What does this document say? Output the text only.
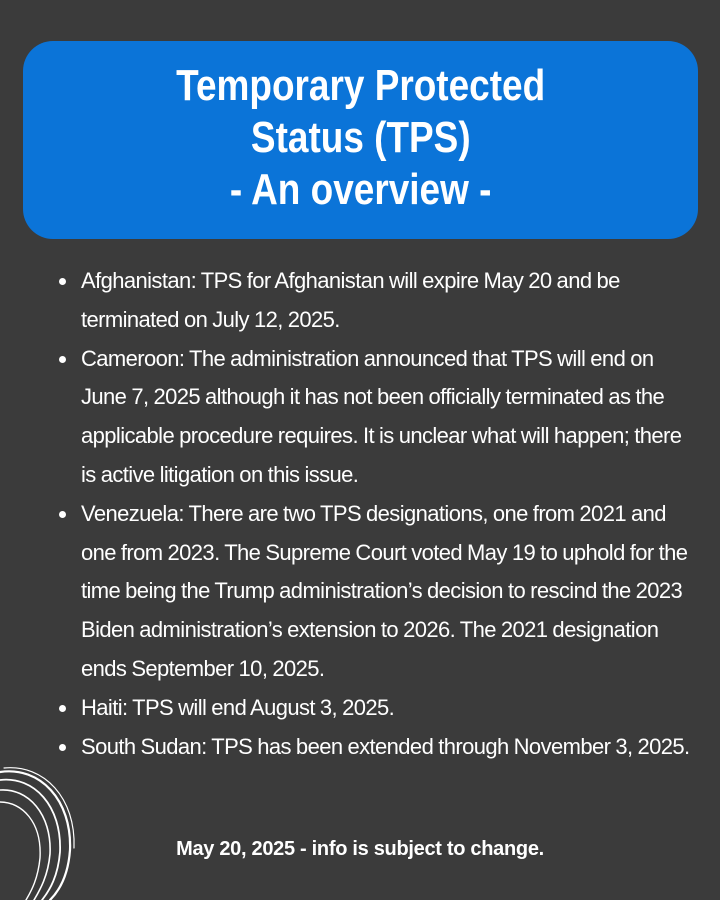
Temporary Protected
Status (TPS)
- An overview -
Afghanistan: TPS for Afghanistan will expire May 20 and be terminated on July 12, 2025.
Cameroon: The administration announced that TPS will end on June 7, 2025 although it has not been officially terminated as the applicable procedure requires. It is unclear what will happen; there is active litigation on this issue.
Venezuela: There are two TPS designations, one from 2021 and one from 2023. The Supreme Court voted May 19 to uphold for the time being the Trump administration’s decision to rescind the 2023 Biden administration’s extension to 2026. The 2021 designation ends September 10, 2025.
Haiti: TPS will end August 3, 2025.
South Sudan: TPS has been extended through November 3, 2025.
May 20, 2025 - info is subject to change.
